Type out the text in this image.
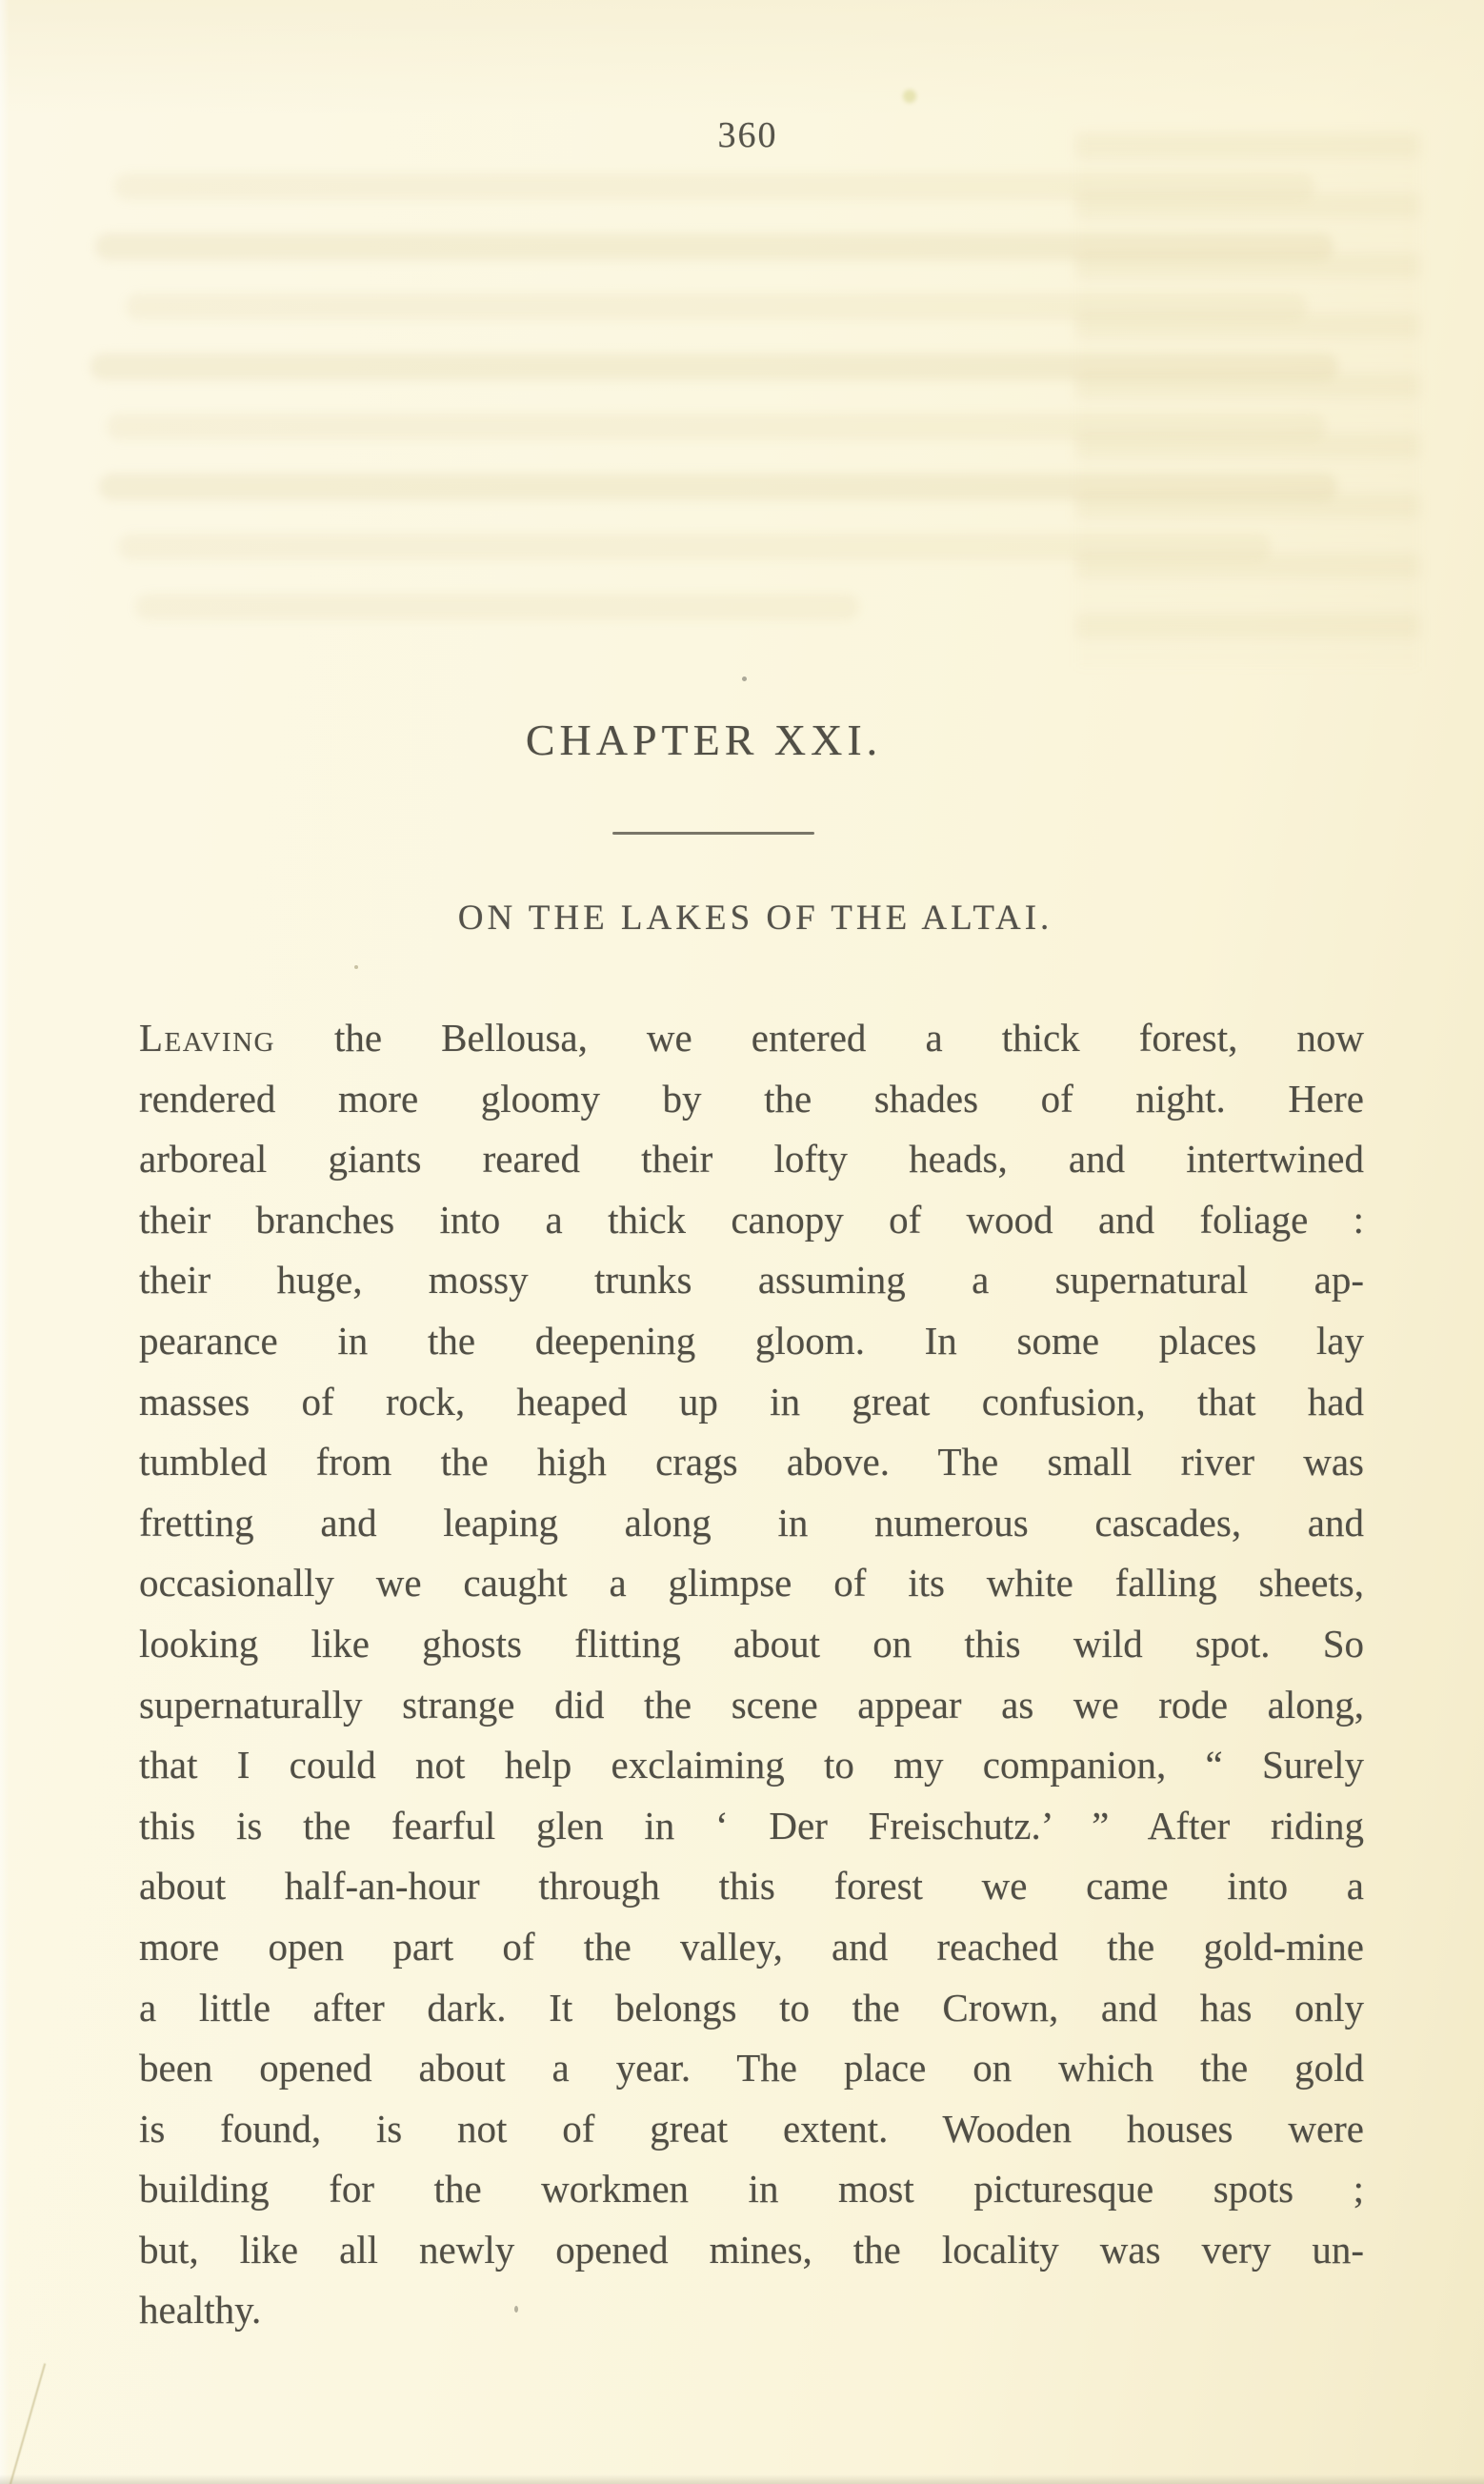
360
CHAPTER XXI.
ON THE LAKES OF THE ALTAI.
Leaving the Bellousa, we entered a thick forest, now
rendered more gloomy by the shades of night. Here
arboreal giants reared their lofty heads, and intertwined
their branches into a thick canopy of wood and foliage :
their huge, mossy trunks assuming a supernatural ap-
pearance in the deepening gloom. In some places lay
masses of rock, heaped up in great confusion, that had
tumbled from the high crags above. The small river was
fretting and leaping along in numerous cascades, and
occasionally we caught a glimpse of its white falling sheets,
looking like ghosts flitting about on this wild spot. So
supernaturally strange did the scene appear as we rode along,
that I could not help exclaiming to my companion, “ Surely
this is the fearful glen in ‘ Der Freischutz.’ ” After riding
about half-an-hour through this forest we came into a
more open part of the valley, and reached the gold-mine
a little after dark. It belongs to the Crown, and has only
been opened about a year. The place on which the gold
is found, is not of great extent. Wooden houses were
building for the workmen in most picturesque spots ;
but, like all newly opened mines, the locality was very un-
healthy.
